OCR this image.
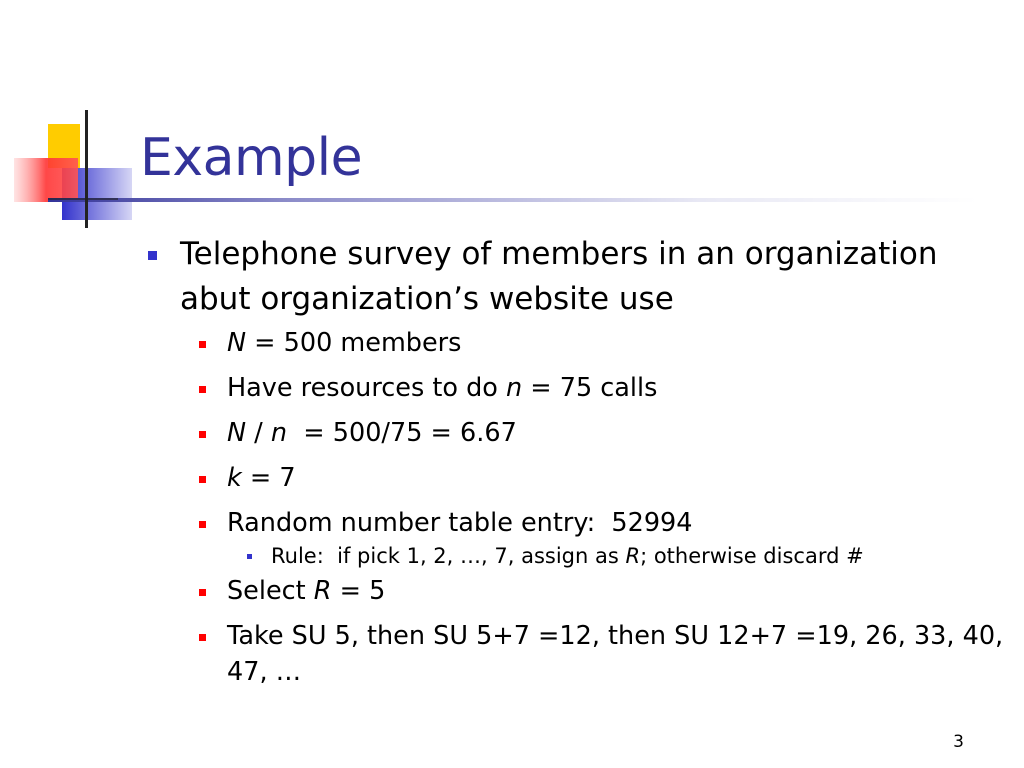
Example
Telephone survey of members in an organization abut organization’s website use
N = 500 members
Have resources to do n = 75 calls
N / n  = 500/75 = 6.67
k = 7
Random number table entry:  52994
Rule:  if pick 1, 2, …, 7, assign as R; otherwise discard #
Select R = 5
Take SU 5, then SU 5+7 =12, then SU 12+7 =19, 26, 33, 40, 47, …
3
